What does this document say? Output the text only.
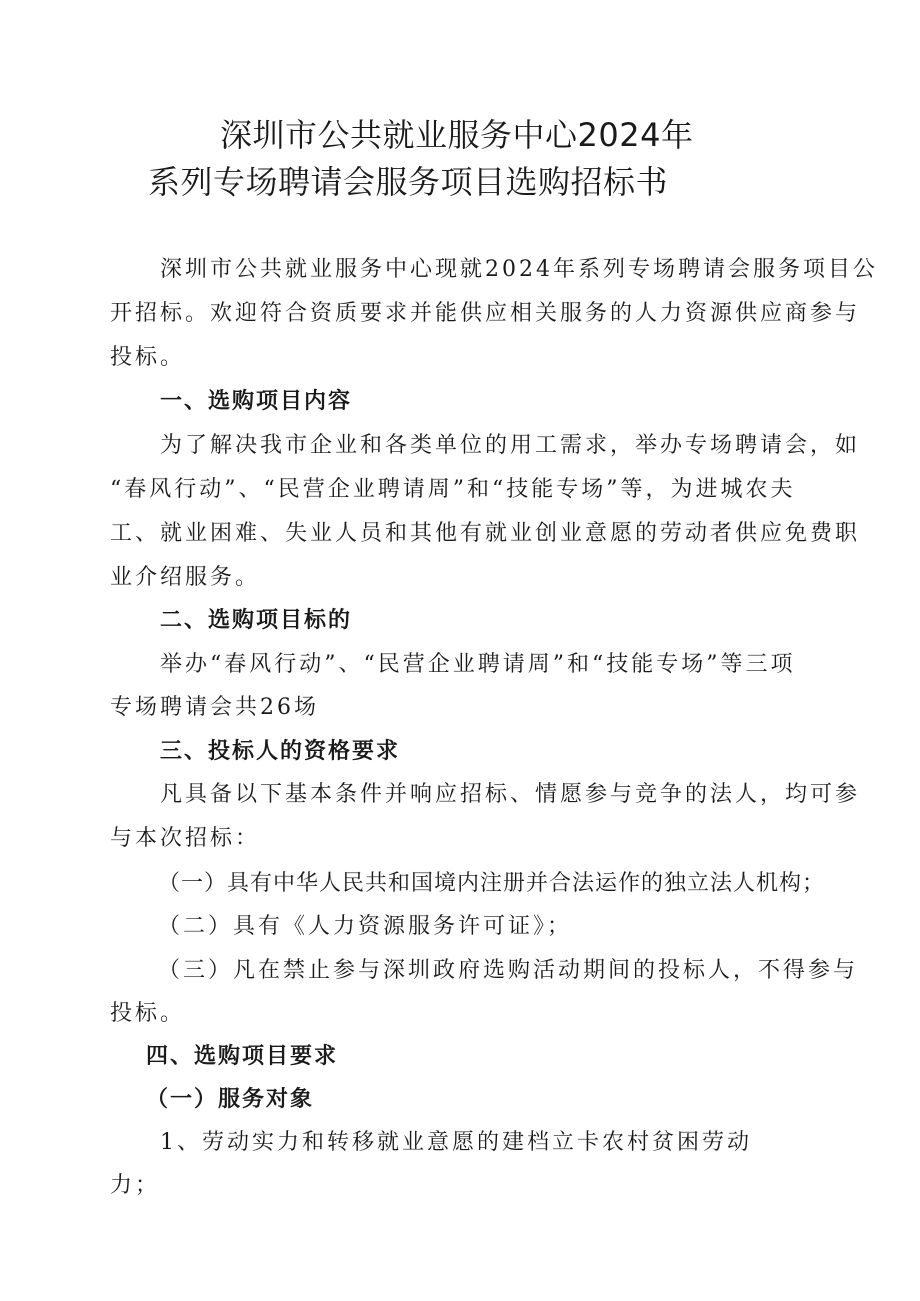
深圳市公共就业服务中心2024年
系列专场聘请会服务项目选购招标书
深圳市公共就业服务中心现就2024年系列专场聘请会服务项目公
开招标。欢迎符合资质要求并能供应相关服务的人力资源供应商参与
投标。
一、选购项目内容
为了解决我市企业和各类单位的用工需求，举办专场聘请会，如
“春风行动”、“民营企业聘请周”和“技能专场”等，为进城农夫
工、就业困难、失业人员和其他有就业创业意愿的劳动者供应免费职
业介绍服务。
二、选购项目标的
举办“春风行动”、“民营企业聘请周”和“技能专场”等三项
专场聘请会共26场
三、投标人的资格要求
凡具备以下基本条件并响应招标、情愿参与竞争的法人，均可参
与本次招标：
（一）具有中华人民共和国境内注册并合法运作的独立法人机构；
（二）具有《人力资源服务许可证》；
（三）凡在禁止参与深圳政府选购活动期间的投标人，不得参与
投标。
四、选购项目要求
（一）服务对象
1、劳动实力和转移就业意愿的建档立卡农村贫困劳动
力；
